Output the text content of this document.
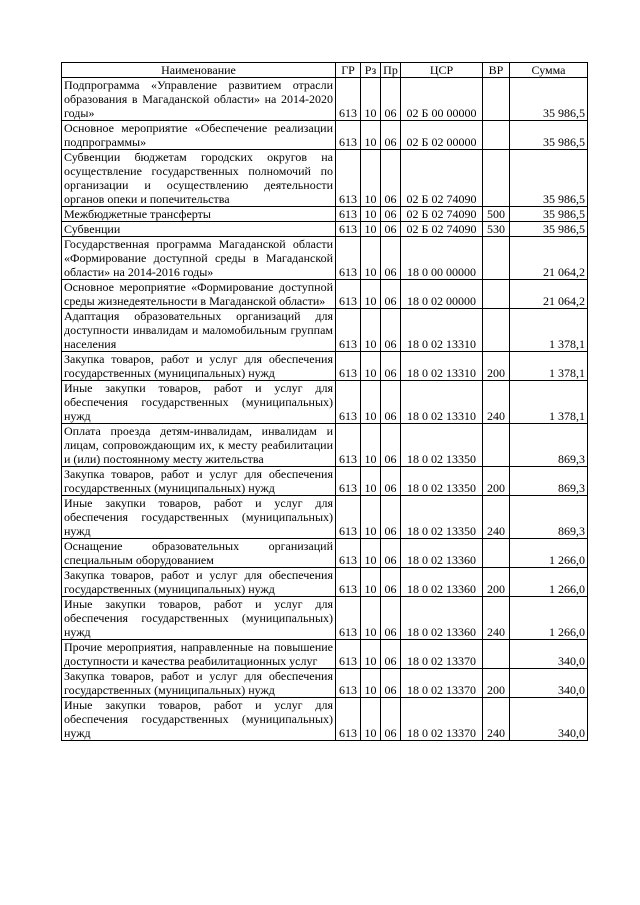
Наименование	ГР	Рз	Пр	ЦСР	ВР	Сумма
Подпрограмма «Управление развитием отрасли образования в Магаданской области» на 2014-2020 годы»	613	10	06	02 Б 00 00000		35 986,5
Основное мероприятие «Обеспечение реализации подпрограммы»	613	10	06	02 Б 02 00000		35 986,5
Субвенции бюджетам городских округов на осуществление государственных полномочий по организации и осуществлению деятельности органов опеки и попечительства	613	10	06	02 Б 02 74090		35 986,5
Межбюджетные трансферты	613	10	06	02 Б 02 74090	500	35 986,5
Субвенции	613	10	06	02 Б 02 74090	530	35 986,5
Государственная программа Магаданской области «Формирование доступной среды в Магаданской области» на 2014-2016 годы»	613	10	06	18 0 00 00000		21 064,2
Основное мероприятие «Формирование доступной среды жизнедеятельности в Магаданской области»	613	10	06	18 0 02 00000		21 064,2
Адаптация образовательных организаций для доступности инвалидам и маломобильным группам населения	613	10	06	18 0 02 13310		1 378,1
Закупка товаров, работ и услуг для обеспечения государственных (муниципальных) нужд	613	10	06	18 0 02 13310	200	1 378,1
Иные закупки товаров, работ и услуг для обеспечения государственных (муниципальных) нужд	613	10	06	18 0 02 13310	240	1 378,1
Оплата проезда детям-инвалидам, инвалидам и лицам, сопровождающим их, к месту реабилитации и (или) постоянному месту жительства	613	10	06	18 0 02 13350		869,3
Закупка товаров, работ и услуг для обеспечения государственных (муниципальных) нужд	613	10	06	18 0 02 13350	200	869,3
Иные закупки товаров, работ и услуг для обеспечения государственных (муниципальных) нужд	613	10	06	18 0 02 13350	240	869,3
Оснащение образовательных организаций специальным оборудованием	613	10	06	18 0 02 13360		1 266,0
Закупка товаров, работ и услуг для обеспечения государственных (муниципальных) нужд	613	10	06	18 0 02 13360	200	1 266,0
Иные закупки товаров, работ и услуг для обеспечения государственных (муниципальных) нужд	613	10	06	18 0 02 13360	240	1 266,0
Прочие мероприятия, направленные на повышение доступности и качества реабилитационных услуг	613	10	06	18 0 02 13370		340,0
Закупка товаров, работ и услуг для обеспечения государственных (муниципальных) нужд	613	10	06	18 0 02 13370	200	340,0
Иные закупки товаров, работ и услуг для обеспечения государственных (муниципальных) нужд	613	10	06	18 0 02 13370	240	340,0
